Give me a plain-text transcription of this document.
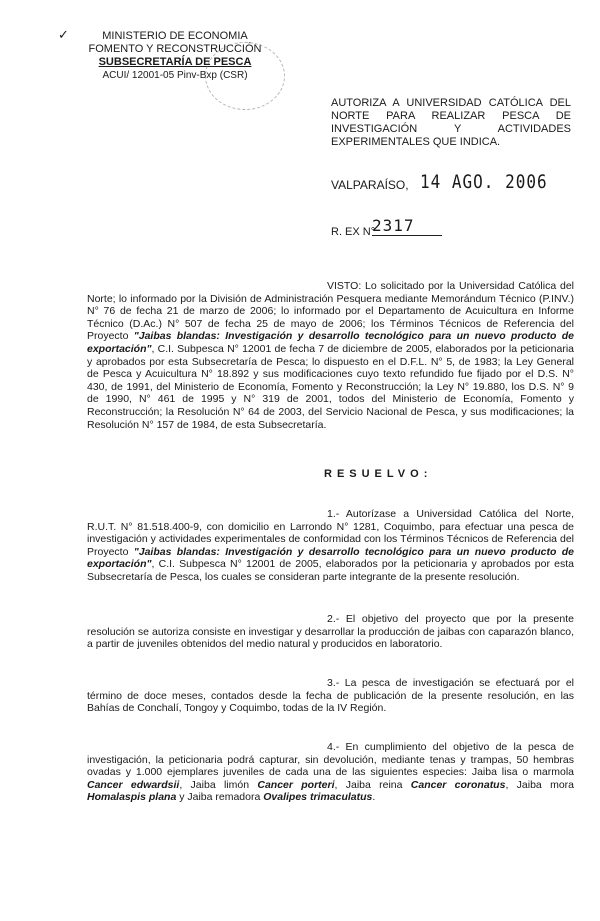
✓	MINISTERIO DE ECONOMIA
FOMENTO Y RECONSTRUCCIÓN
SUBSECRETARÍA DE PESCA
ACUI/ 12001-05 Pinv-Bxp (CSR)
AUTORIZA A UNIVERSIDAD CATÓLICA DEL NORTE PARA REALIZAR PESCA DE INVESTIGACIÓN Y ACTIVIDADES EXPERIMENTALES QUE INDICA.
VALPARAÍSO, 14 AGO. 2006
R. EX N°
2317
VISTO: Lo solicitado por la Universidad Católica del Norte; lo informado por la División de Administración Pesquera mediante Memorándum Técnico (P.INV.) N° 76 de fecha 21 de marzo de 2006; lo informado por el Departamento de Acuicultura en Informe Técnico (D.Ac.) N° 507 de fecha 25 de mayo de 2006; los Términos Técnicos de Referencia del Proyecto "Jaibas blandas: Investigación y desarrollo tecnológico para un nuevo producto de exportación", C.I. Subpesca N° 12001 de fecha 7 de diciembre de 2005, elaborados por la peticionaria y aprobados por esta Subsecretaría de Pesca; lo dispuesto en el D.F.L. N° 5, de 1983; la Ley General de Pesca y Acuicultura N° 18.892 y sus modificaciones cuyo texto refundido fue fijado por el D.S. N° 430, de 1991, del Ministerio de Economía, Fomento y Reconstrucción; la Ley N° 19.880, los D.S. N° 9 de 1990, N° 461 de 1995 y N° 319 de 2001, todos del Ministerio de Economía, Fomento y Reconstrucción; la Resolución N° 64 de 2003, del Servicio Nacional de Pesca, y sus modificaciones; la Resolución N° 157 de 1984, de esta Subsecretaría.
RESUELVO:
1.- Autorízase a Universidad Católica del Norte, R.U.T. N° 81.518.400-9, con domicilio en Larrondo N° 1281, Coquimbo, para efectuar una pesca de investigación y actividades experimentales de conformidad con los Términos Técnicos de Referencia del Proyecto "Jaibas blandas: Investigación y desarrollo tecnológico para un nuevo producto de exportación", C.I. Subpesca N° 12001 de 2005, elaborados por la peticionaria y aprobados por esta Subsecretaría de Pesca, los cuales se consideran parte integrante de la presente resolución.
2.- El objetivo del proyecto que por la presente resolución se autoriza consiste en investigar y desarrollar la producción de jaibas con caparazón blanco, a partir de juveniles obtenidos del medio natural y producidos en laboratorio.
3.- La pesca de investigación se efectuará por el término de doce meses, contados desde la fecha de publicación de la presente resolución, en las Bahías de Conchalí, Tongoy y Coquimbo, todas de la IV Región.
4.- En cumplimiento del objetivo de la pesca de investigación, la peticionaria podrá capturar, sin devolución, mediante tenas y trampas, 50 hembras ovadas y 1.000 ejemplares juveniles de cada una de las siguientes especies: Jaiba lisa o marmola Cancer edwardsii, Jaiba limón Cancer porteri, Jaiba reina Cancer coronatus, Jaiba mora Homalaspis plana y Jaiba remadora Ovalipes trimaculatus.
